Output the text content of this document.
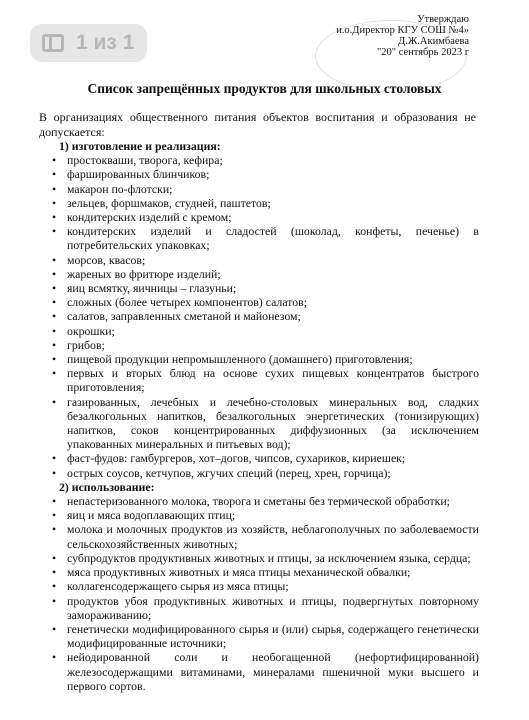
1 из 1
Утверждаю
и.о.Директор КГУ СОШ №4»
Д.Ж.Акимбаева
"20" сентябрь 2023 г
Список запрещённых продуктов для школьных столовых
В организациях общественного питания объектов воспитания и образования не допускается:
1) изготовление и реализация:
• простокваши, творога, кефира;
• фаршированных блинчиков;
• макарон по-флотски;
• зельцев, форшмаков, студней, паштетов;
• кондитерских изделий с кремом;
• кондитерских изделий и сладостей (шоколад, конфеты, печенье) в потребительских упаковках;
• морсов, квасов;
• жареных во фритюре изделий;
• яиц всмятку, яичницы – глазуньи;
• сложных (более четырех компонентов) салатов;
• салатов, заправленных сметаной и майонезом;
• окрошки;
• грибов;
• пищевой продукции непромышленного (домашнего) приготовления;
• первых и вторых блюд на основе сухих пищевых концентратов быстрого приготовления;
• газированных, лечебных и лечебно-столовых минеральных вод, сладких безалкогольных напитков, безалкогольных энергетических (тонизирующих) напитков, соков концентрированных диффузионных (за исключением упакованных минеральных и питьевых вод);
• фаст-фудов: гамбургеров, хот–догов, чипсов, сухариков, кириешек;
• острых соусов, кетчупов, жгучих специй (перец, хрен, горчица);
2) использование:
• непастеризованного молока, творога и сметаны без термической обработки;
• яиц и мяса водоплавающих птиц;
• молока и молочных продуктов из хозяйств, неблагополучных по заболеваемости сельскохозяйственных животных;
• субпродуктов продуктивных животных и птицы, за исключением языка, сердца;
• мяса продуктивных животных и мяса птицы механической обвалки;
• коллагенсодержащего сырья из мяса птицы;
• продуктов убоя продуктивных животных и птицы, подвергнутых повторному замораживанию;
• генетически модифицированного сырья и (или) сырья, содержащего генетически модифицированные источники;
• нейодированной соли и необогащенной (нефортифицированной) железосодержащими витаминами, минералами пшеничной муки высшего и первого сортов.
